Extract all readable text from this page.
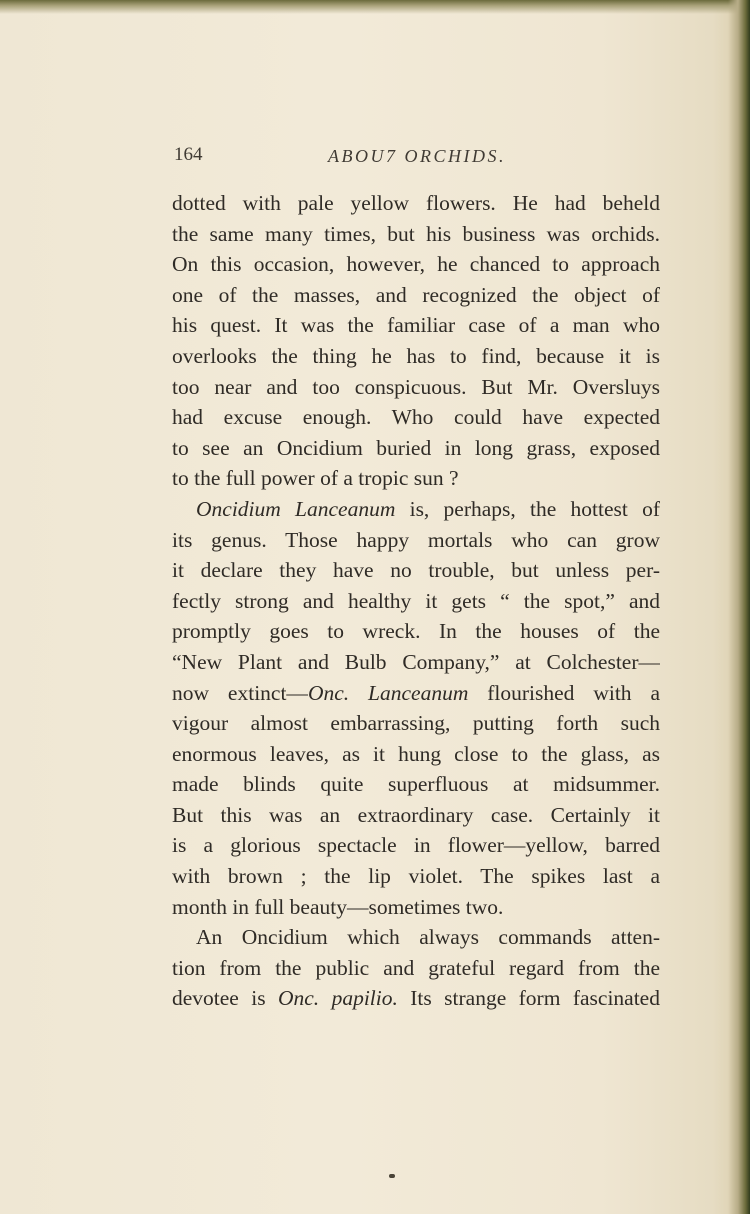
164	ABOU7 ORCHIDS.
dotted with pale yellow flowers. He had beheld
the same many times, but his business was orchids.
On this occasion, however, he chanced to approach
one of the masses, and recognized the object of
his quest. It was the familiar case of a man who
overlooks the thing he has to find, because it is
too near and too conspicuous. But Mr. Oversluys
had excuse enough. Who could have expected
to see an Oncidium buried in long grass, exposed
to the full power of a tropic sun ?
Oncidium Lanceanum is, perhaps, the hottest of
its genus. Those happy mortals who can grow
it declare they have no trouble, but unless per-
fectly strong and healthy it gets “ the spot,” and
promptly goes to wreck. In the houses of the
“New Plant and Bulb Company,” at Colchester—
now extinct—Onc. Lanceanum flourished with a
vigour almost embarrassing, putting forth such
enormous leaves, as it hung close to the glass, as
made blinds quite superfluous at midsummer.
But this was an extraordinary case. Certainly it
is a glorious spectacle in flower—yellow, barred
with brown ; the lip violet. The spikes last a
month in full beauty—sometimes two.
An Oncidium which always commands atten-
tion from the public and grateful regard from the
devotee is Onc. papilio. Its strange form fascinated
